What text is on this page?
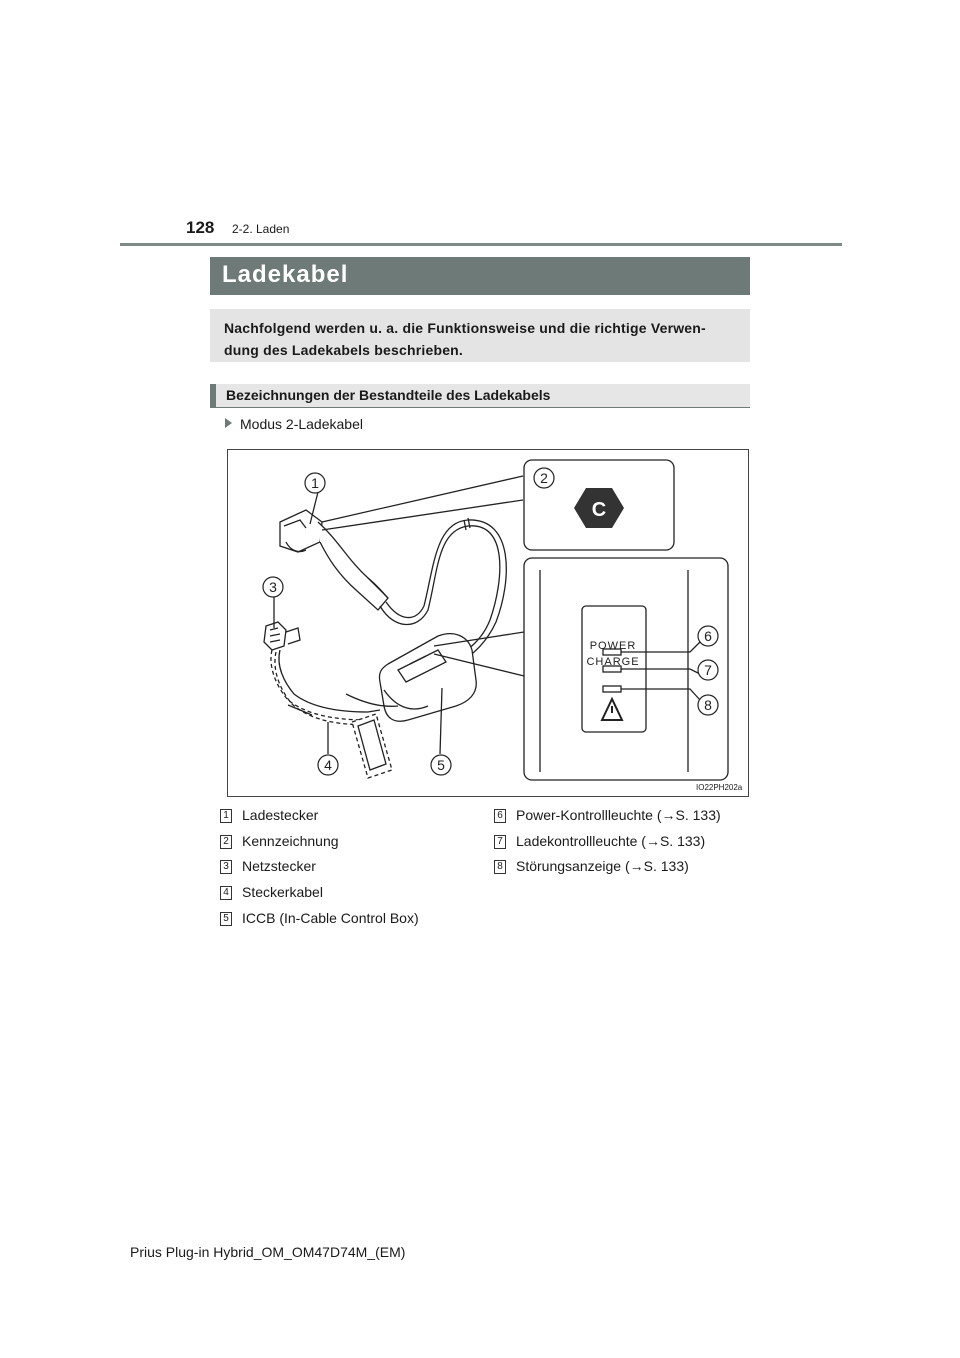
128 2-2. Laden
Ladekabel
Nachfolgend werden u. a. die Funktionsweise und die richtige Verwen- dung des Ladekabels beschrieben.
Bezeichnungen der Bestandteile des Ladekabels
Modus 2-Ladekabel
C
POWER
CHARGE
1	2
3
4	5
6
7
8
IO22PH202a
1 Ladestecker
2 Kennzeichnung
3 Netzstecker
4 Steckerkabel
5 ICCB (In-Cable Control Box)
6 Power-Kontrollleuchte (→S. 133)
7 Ladekontrollleuchte (→S. 133)
8 Störungsanzeige (→S. 133)
Prius Plug-in Hybrid_OM_OM47D74M_(EM)
